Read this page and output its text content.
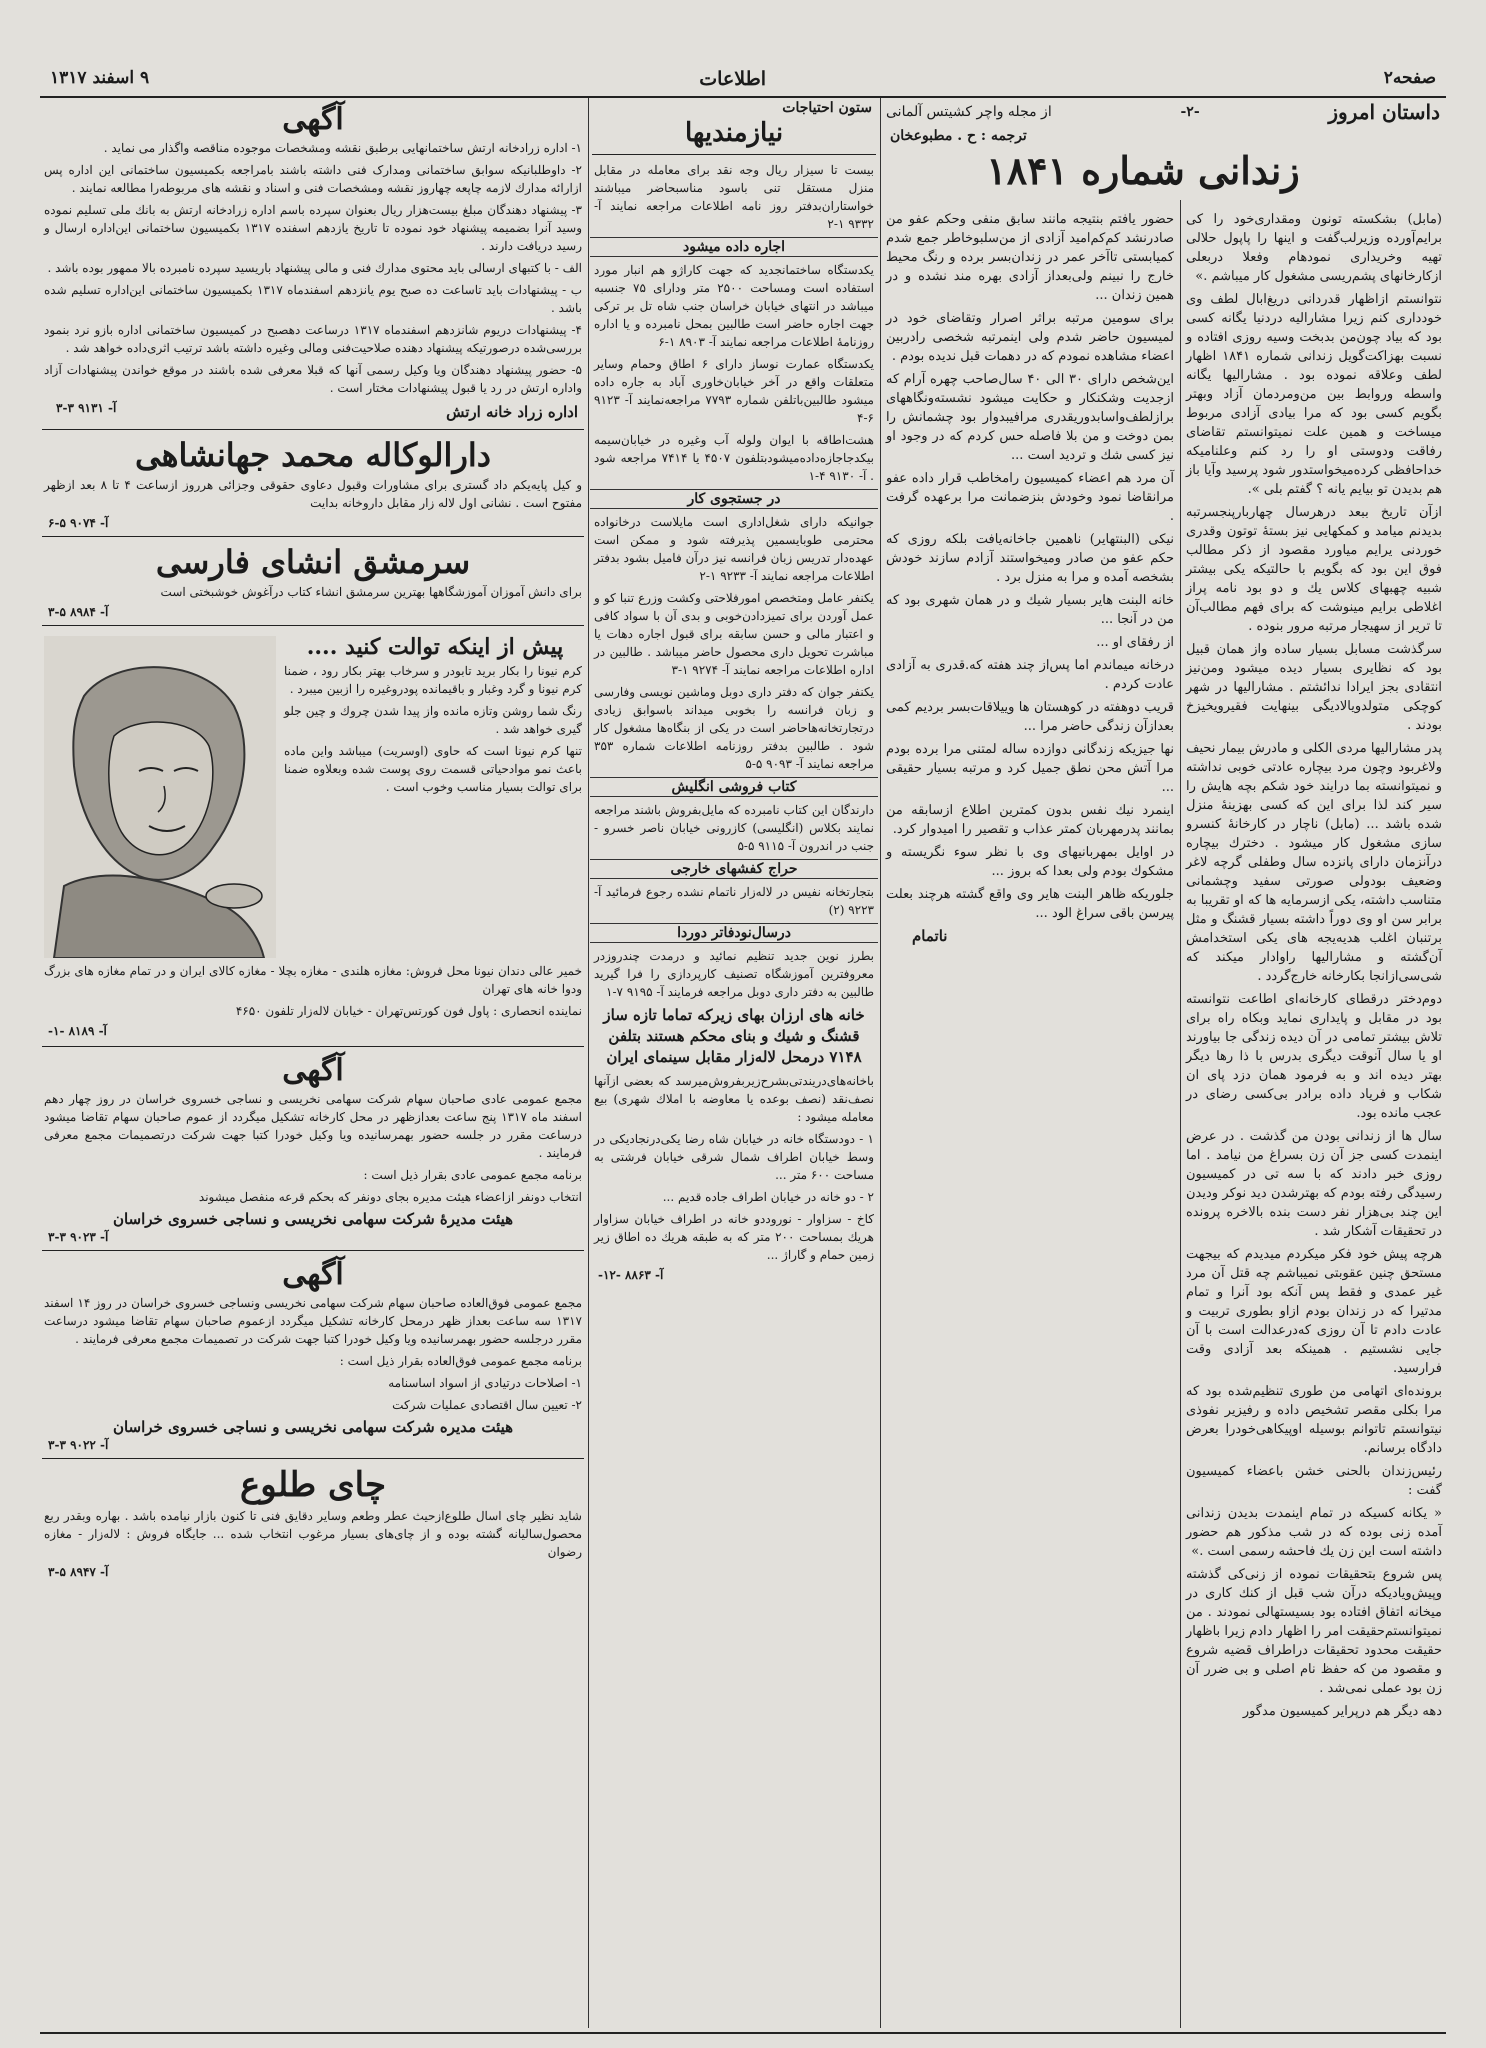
صفحه۲
اطلاعات
۹ اسفند ۱۳۱۷
داستان امروز
-۲-
از مجله واچر کشیتس آلمانی
ترجمه : ح . مطبوعخان
زندانی شماره ۱۸۴۱

(مابل) بشکسته تونون ومقداری‌خود را کی برایم‌آورده وزیرلب‌گفت و اینها را پاپول حلالی تهیه وخریداری نمودهام وفعلا دربعلی ازکارخانهای پشم‌ریسی مشغول کار میباشم .»

نتوانستم ازاظهار قدردانی دریغ‌ابال لطف وی خودداری کنم زیرا مشارالیه دردنیا یگانه کسی بود که بیاد چون‌من بدبخت وسیه روزی افتاده و نسبت بهزاکت‌گویل زندانی شماره ۱۸۴۱ اظهار لطف وعلاقه نموده بود . مشارالیها یگانه واسطه وروابط بین من‌ومردمان آزاد وبهتر بگویم کسی بود که مرا بیادی آزادی مربوط میساخت و همین علت نمیتوانستم تقاضای رفاقت ودوستی او را رد کنم وعلنامیکه خداحافظی کرده‌میخواستدور شود پرسید وآیا باز هم بدیدن تو بیایم یانه ؟ گفتم بلی ».

ازآن تاریخ ببعد درهرسال چهاربارپنجسرتبه بدیدنم میامد و کمکهایی نیز بستهٔ توتون وقدری خوردنی یرایم میاورد مقصود از ذکر مطالب فوق این بود که بگویم با حالتیکه یکی بیشتر شبیه چهبهای کلاس یك و دو بود نامه پراز اغلاطی برایم مینوشت که برای فهم مطالب‌آن تا تریر از سهیجار مرتبه مرور بنوده .

سرگذشت مسابل بسیار ساده واز همان قبیل بود که نظایری بسیار دیده میشود ومن‌نیز انتقادی بجز ایرادا ندائشتم . مشارالیها در شهر کوچکی متولدویالادیگی بینهایت فقیرویخیزخ بودند .

پدر مشارالیها مردی الکلی و مادرش بیمار نحیف ولاغربود وچون مرد بیچاره عادتی خوبی نداشته و نمیتوانسته بما درایند خود شکم بچه هایش را سیر کند لذا برای این که کسی بهزینهٔ منزل شده باشد ... (مابل) ناچار در کارخانهٔ کنسرو سازی مشغول کار میشود . دخترك بیچاره درآنزمان دارای پانزده سال وطفلی گرچه لاغر وضعیف بودولی صورتی سفید وچشمانی متناسب داشته، یکی ازسرمایه ها که او تقریبا به برابر سن او وی دوراً داشته بسیار قشنگ و مثل برتنبان اغلب هدیه‌یجه های یکی استخدامش آن‌گشته و مشارالیها راوادار میکند که شی‌سی‌ازانجا بکارخانه خارج‌گردد .

دوم‌دختر درقطای کارخانه‌ای اطاعت نتوانسته بود در مقابل و پایداری نماید وبکاه راه برای تلاش بیشتر تمامی در آن دیده زندگی جا بیاورند او یا سال آنوقت دیگری بدرس با ذا رها دیگر بهتر دیده اند و به فرمود همان دزد پای ان شکاب و فریاد داده برادر بی‌کسی رضای در عجب مانده بود.

سال ها از زندانی بودن من گذشت . در عرض اینمدت کسی جز آن زن بسراغ من نیامد . اما روزی خبر دادند که با سه تی در کمیسیون رسیدگی رفته بودم که بهترشدن دید نوکر ودیدن این چند بی‌هزار نفر دست بنده بالاخره پرونده در تحقیقات آشکار شد .

هرچه پیش خود فکر میکردم میدیدم که بیجهت مستحق چنین عقوبتی نمیباشم چه قتل آن مرد غیر عمدی و فقط پس آنکه بود آنرا و تمام مدتیرا که در زندان بودم ازاو بطوری تربیت و عادت دادم تا آن روزی که‌درعدالت است با آن جایی نشستیم . همینکه بعد آزادی وقت فرارسید.

برونده‌ای اتهامی من طوری تنظیم‌شده بود که مرا بکلی مقصر تشخیص داده و رفیزیر نفوذی نیتوانستم تاتوانم بوسیله اوپیکاهی‌خودرا بعرض دادگاه برسانم.

رئیس‌زندان بالحنی خشن باعضاء کمیسیون گفت :

« یکانه کسیکه در تمام اینمدت بدیدن زندانی آمده زنی بوده که در شب مذکور هم حضور داشته است این زن یك فاحشه رسمی است .»

پس شروع بتحقیقات نموده از زنی‌کی گذشته وپیش‌ویادیکه درآن شب قبل از کنك کاری در میخانه اتفاق افتاده بود بسیستهالی نمودند . من نمیتوانستم‌حقیقت امر را اظهار دادم زیرا باظهار حقیقت محدود تحقیقات دراطراف قضیه شروع و مقصود من که حفظ نام اصلی و بی ضرر آن زن بود عملی نمی‌شد .

دهه دیگر هم درپرایر کمیسیون مدگور

حضور یافتم بنتیجه مانند سابق منفی وحکم عفو من صادرنشد کم‌کم‌امید آزادی از من‌سلبوخاطر جمع شدم کمیابستی تاآخر عمر در زندان‌بسر برده و رنگ محیط خارج را نبینم ولی‌بعداز آزادی بهره مند نشده و در همین زندان ...

برای سومین مرتبه براثر اصرار وتقاضای خود در لمیسیون حاضر شدم ولی اینمرتبه شخصی رادربین اعضاء مشاهده نمودم که در دهمات قبل ندیده بودم .

این‌شخص دارای ۳۰ الی ۴۰ سال‌صاحب چهره آرام که ازجدیت وشکنکار و حکایت میشود نشسته‌ونگاههای برازلطف‌واسابدوریقدری مرافیبدوار بود چشمانش را بمن دوخت و من بلا فاصله حس کردم که در وجود او نیز کسی شك و تردید است ...

آن مرد هم اعضاء کمیسیون رامخاطب قرار داده عفو مرانقاضا نمود وخودش بنزضمانت مرا برعهده گرفت .

نیکی (البنتهایر) ناهمین جاخانه‌یافت بلکه روزی که حکم عفو من صادر ومیخواستند آزادم سازند خودش بشخصه آمده و مرا به منزل برد .

خانه البنت هایر بسیار شیك و در همان شهری بود که من در آنجا ...

از رفقای او ...

درخانه میماندم اما پس‌از چند هفته که.قدری به آزادی عادت کردم .

قریب دوهفته در کوهستان ها وییلاقات‌بسر بردیم کمی بعدازآن زندگی حاضر مرا ...

نها جیزیکه زندگانی دوازده ساله لمتنی مرا برده بودم مرا آتش محن نطق جمیل کرد و مرتبه بسیار حقیقی ...

اینمرد نیك نفس بدون کمترین اطلاع ازسابقه من بمانند پدرمهربان کمتر عذاب و تقصیر را امیدوار کرد.

در اوایل بمهربانیهای وی با نظر سوء نگریسته و مشکوك بودم ولی بعدا که بروز ...

جلوریکه ظاهر البنت هایر وی واقع گشته هرچند بعلت پیرسن باقی سراغ الود ...

ناتمام
ستون احتیاجات
نیازمندیها

بیست تا سیزار ریال وجه نقد برای معامله در مقابل منزل مستقل تنی باسود مناسبحاضر میباشند خواستاران‌بدفتر روز نامه اطلاعات مراجعه نمایند آ- ۹۳۳۲ ۱-۲

اجاره داده میشود

یکدستگاه ساختمانجدید که جهت کاراژو هم انبار مورد استفاده است ومساحت ۲۵۰۰ متر ودارای ۷۵ جنسبه میباشد در انتهای خیابان خراسان جنب شاه تل بر ترکی جهت اجاره حاضر است طالبین بمحل نامبرده و یا اداره روزنامهٔ اطلاعات مراجعه نمایند آ- ۸۹۰۳ ۱-۶

یکدستگاه عمارت نوساز دارای ۶ اطاق وحمام وسایر متعلقات واقع در آخر خیابان‌خاوری آباد به جاره داده میشود طالبین‌باتلفن شماره ۷۷۹۳ مراجعه‌نمایند آ- ۹۱۲۳ ۶-۴

هشت‌اطاقه با ایوان ولوله آب وغیره در خیابان‌سیمه بیکدجاجازه‌داده‌میشودبتلفون ۴۵۰۷ یا ۷۴۱۴ مراجعه شود . آ- ۹۱۳۰ ۴-۱

در جستجوی کار

جوانیکه دارای شغل‌اداری است مایلاست درخانواده محترمی طوبایسمین پذیرفته شود و ممکن است عهده‌دار تدریس زبان فرانسه نیز درآن فامیل بشود بدفتر اطلاعات مراجعه نمایند آ- ۹۲۳۳ ۱-۲

یکنفر عامل ومتخصص امورفلاحتی وکشت وزرع تنبا کو و عمل آوردن برای تمیزدادن‌خوبی و بدی آن با سواد کافی و اعتبار مالی و حسن سابقه برای قبول اجاره دهات یا مباشرت تحویل داری محصول حاضر میباشد . طالبین در اداره اطلاعات مراجعه نمایند آ- ۹۲۷۴ ۱-۳

یکنفر جوان که دفتر داری دوبل وماشین نویسی وفارسی و زبان فرانسه را بخوبی میداند باسوابق زیادی درتجارتخانه‌هاحاضر است در یکی از بنگاه‌ها مشغول کار شود . طالبین بدفتر روزنامه اطلاعات شماره ۳۵۳ مراجعه نمایند آ- ۹۰۹۳ ۵-۵

کتاب فروشی انگلیش

دارندگان این کتاب نامبرده که مایل‌بفروش باشند مراجعه نمایند بکلاس (انگلیسی) کازرونی خیابان ناصر خسرو - جنب در اندرون آ- ۹۱۱۵ ۵-۵

حراج کفشهای خارجی

بتجارتخانه نفیس در لاله‌زار ناتمام نشده رجوع فرمائید آ- ۹۲۲۳ (۲)

درسال‌نودفاتر دوردا

بطرز نوین جدید تنظیم نمائید و درمدت چندروزدر معروفترین آموزشگاه تصنیف کارپردازی را فرا گیرید طالبین به دفتر داری دوبل مراجعه فرمایند آ- ۹۱۹۵ ۷-۱

خانه های ارزان بهای زیرکه تماما تازه ساز قشنگ و شیك و بنای محکم هستند بتلفن ۷۱۴۸ درمحل لاله‌زار مقابل سینمای ایران

باخانه‌های‌دریندتی‌بشرح‌زیر‌بفروش‌میرسد که بعضی ازآنها نصف‌نقد (نصف بوعده یا معاوضه با املاك شهری) بیع معامله میشود :

۱ - دودستگاه خانه در خیابان شاه رضا یکی‌درنجادیکی در وسط خیابان اطراف شمال شرقی خیابان فرشتی به مساحت ۶۰۰ متر ...

۲ - دو خانه در خیابان اطراف جاده قدیم ...

کاخ - سزاوار - نوروددو خانه در اطراف خیابان سزاوار هریك بمساحت ۲۰۰ متر که به طبقه هریك ده اطاق زیر زمین حمام و گاراژ ...

آ- ۸۸۶۳ -۱۲-
آگهی

۱- اداره زرادخانه ارتش ساختمانهایی برطبق نقشه ومشخصات موجوده مناقصه واگذار می نماید .

۲- داوطلبانیکه سوابق ساختمانی ومدارک فنی داشته باشند بامراجعه بکمیسیون ساختمانی این اداره پس ازارائه مدارك لازمه چاپعه چهاروز نقشه ومشخصات فنی و اسناد و نقشه های مربوطه‌را مطالعه نمایند .

۳- پیشنهاد دهندگان مبلغ بیست‌هزار ریال بعنوان سپرده باسم اداره زرادخانه ارتش به بانك ملی تسلیم نموده وسید آنرا بضمیمه پیشنهاد خود نموده تا تاریخ یازدهم اسفنده ۱۳۱۷ بکمیسیون ساختمانی این‌اداره ارسال و رسید دریافت دارند .

الف - با کتبهای ارسالی باید محتوی مدارك فنی و مالی پیشنهاد باریسید سپرده نامبرده بالا ممهور بوده باشد .

ب - پیشنهادات باید تاساعت ده صبح یوم یانزدهم اسفندماه ۱۳۱۷ بکمیسیون ساختمانی این‌اداره تسلیم شده باشد .

۴- پیشنهادات دریوم شانزدهم اسفندماه ۱۳۱۷ درساعت دهصبح در کمیسیون ساختمانی اداره بازو نرد بنمود بررسی‌شده درصورتیکه پیشنهاد دهنده صلاحیت‌فنی ومالی وغیره داشته باشد ترتیب اثری‌داده خواهد شد .

۵- حضور پیشنهاد دهندگان ویا وکیل رسمی آنها که قبلا معرفی شده باشند در موقع خواندن پیشنهادات آزاد واداره ارتش در رد یا قبول پیشنهادات مختار است .

اداره زراد خانه ارتش
آ- ۹۱۳۱ ۳-۳
دارالوکاله محمد جهانشاهی

و کیل پایه‌یکم داد گستری برای مشاورات وقبول دعاوی حقوقی وجزائی هرروز ازساعت ۴ تا ۸ بعد ازظهر مفتوح است . نشانی اول لاله زار مقابل داروخانه بدایت

آ- ۹۰۷۴ ۵-۶
سرمشق انشای فارسی

برای دانش آموزان آموزشگاهها بهترین سرمشق انشاء کتاب درآغوش خوشبختی است

آ- ۸۹۸۴ ۵-۳
پیش از اینکه توالت کنید ....

کرم نیونا را بکار برید تابودر و سرخاب بهتر بکار رود ، ضمنا کرم نیونا و گرد وغبار و باقیمانده پودروغیره را ازبین میبرد .

رنگ شما روشن وتازه مانده واز پیدا شدن چروك و چین جلو گیری خواهد شد .

تنها کرم نیونا است که حاوی (اوسریت) میباشد واین ماده باعث نمو موادحیاتی قسمت روی پوست شده وبعلاوه ضمنا برای توالت بسیار مناسب وخوب است .

خمیر عالی دندان نیونا محل فروش: مغازه هلندی - مغازه بچلا - مغازه کالای ایران و در تمام مغازه های بزرگ ودوا خانه های تهران

نماینده انحصاری : پاول فون کورتس‌تهران - خیابان لاله‌زار تلفون ۴۶۵۰

آ- ۸۱۸۹ -۱-
آگهی

مجمع عمومی عادی صاحبان سهام شرکت سهامی نخریسی و نساجی خسروی خراسان در روز چهار دهم اسفند ماه ۱۳۱۷ پنج ساعت بعدازظهر در محل کارخانه تشکیل میگردد از عموم صاحبان سهام تقاضا میشود درساعت مقرر در جلسه حضور بهمرسانیده ویا وکیل خودرا کتبا جهت شرکت درتصمیمات مجمع معرفی فرمایند .

برنامه مجمع عمومی عادی بقرار ذیل است :

انتخاب دونفر ازاعضاء هیئت مدیره بجای دونفر که بحکم قرعه منفصل میشوند

هیئت مدیرهٔ شرکت سهامی نخریسی و نساجی خسروی خراسان
آ- ۹۰۲۳ ۳-۳
آگهی

مجمع عمومی فوق‌العاده صاحبان سهام شرکت سهامی نخریسی ونساجی خسروی خراسان در روز ۱۴ اسفند ۱۳۱۷ سه ساعت بعداز ظهر درمحل کارخانه تشکیل میگردد ازعموم صاحبان سهام تقاضا میشود درساعت مقرر درجلسه حضور بهمرسانیده ویا وکیل خودرا کتبا جهت شرکت در تصمیمات مجمع معرفی فرمایند .

برنامه مجمع عمومی فوق‌العاده بقرار ذیل است :

۱- اصلاحات درتیادی از اسواد اساسنامه

۲- تعیین سال اقتصادی عملیات شرکت

هیئت مدیره شرکت سهامی نخریسی و نساجی خسروی خراسان
آ- ۹۰۲۲ ۳-۳
چای طلوع

شاید نظیر چای اسال طلوع‌ازحیث عطر وطعم وسایر دقایق فنی تا کنون بازار نیامده باشد . بهاره وبقدر ربع محصول‌سالیانه گشته بوده و از چای‌های بسیار مرغوب انتخاب شده ... جایگاه فروش : لاله‌زار - مغازه رضوان

آ- ۸۹۴۷ ۵-۳
